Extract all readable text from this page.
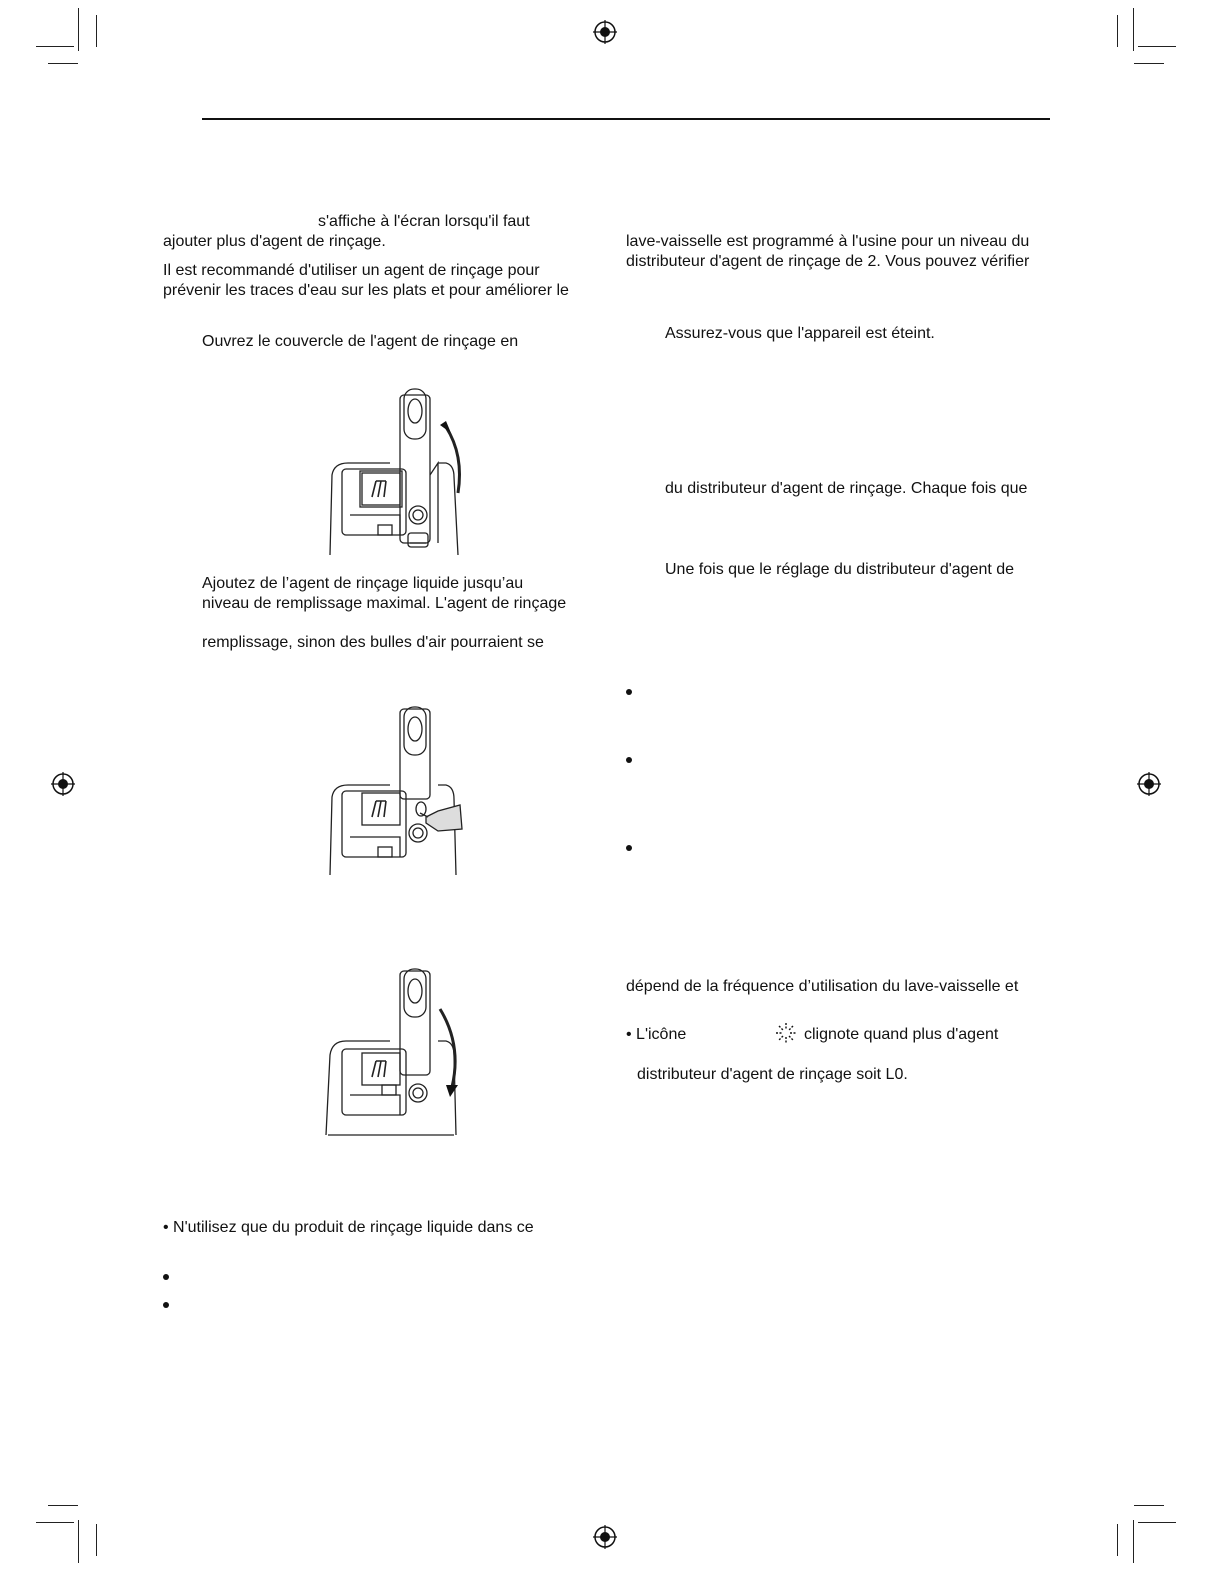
s'affiche à l'écran lorsqu'il faut
ajouter plus d'agent de rinçage.
Il est recommandé d'utiliser un agent de rinçage pour
prévenir les traces d'eau sur les plats et pour améliorer le
Ouvrez le couvercle de l'agent de rinçage en
Ajoutez de l’agent de rinçage liquide jusqu’au
niveau de remplissage maximal. L'agent de rinçage
remplissage, sinon des bulles d'air pourraient se
• N'utilisez que du produit de rinçage liquide dans ce
lave-vaisselle est programmé à l'usine pour un niveau du
distributeur d'agent de rinçage de 2. Vous pouvez vérifier
Assurez-vous que l'appareil est éteint.
du distributeur d'agent de rinçage. Chaque fois que
Une fois que le réglage du distributeur d'agent de
dépend de la fréquence d’utilisation du lave-vaisselle et
• L'icône	clignote quand plus d'agent
distributeur d'agent de rinçage soit L0.
